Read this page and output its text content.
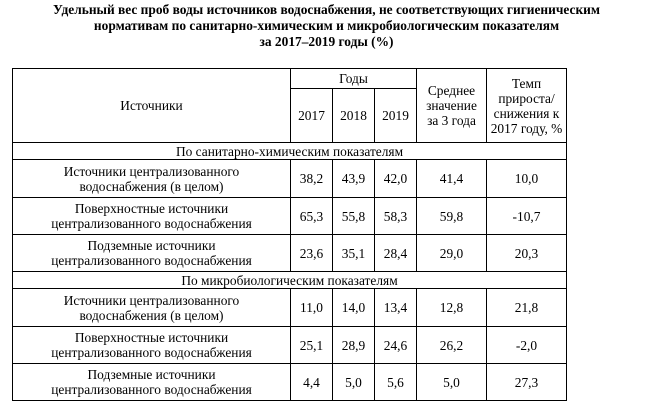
Удельный вес проб воды источников водоснабжения, не соответствующих гигиеническим
нормативам по санитарно-химическим и микробиологическим показателям
за 2017–2019 годы (%)
Источники	Годы			Среднее значение за 3 года	Темп прироста/ снижения к 2017 году, %
	2017	2018	2019		
По санитарно-химическим показателям					

Источники централизованного
водоснабжения (в целом)	38,2	43,9	42,0	41,4	10,0

Поверхностные источники
централизованного водоснабжения	65,3	55,8	58,3	59,8	-10,7

Подземные источники
централизованного водоснабжения	23,6	35,1	28,4	29,0	20,3
По микробиологическим показателям					

Источники централизованного
водоснабжения (в целом)	11,0	14,0	13,4	12,8	21,8

Поверхностные источники
централизованного водоснабжения	25,1	28,9	24,6	26,2	-2,0

Подземные источники
централизованного водоснабжения	4,4	5,0	5,6	5,0	27,3
